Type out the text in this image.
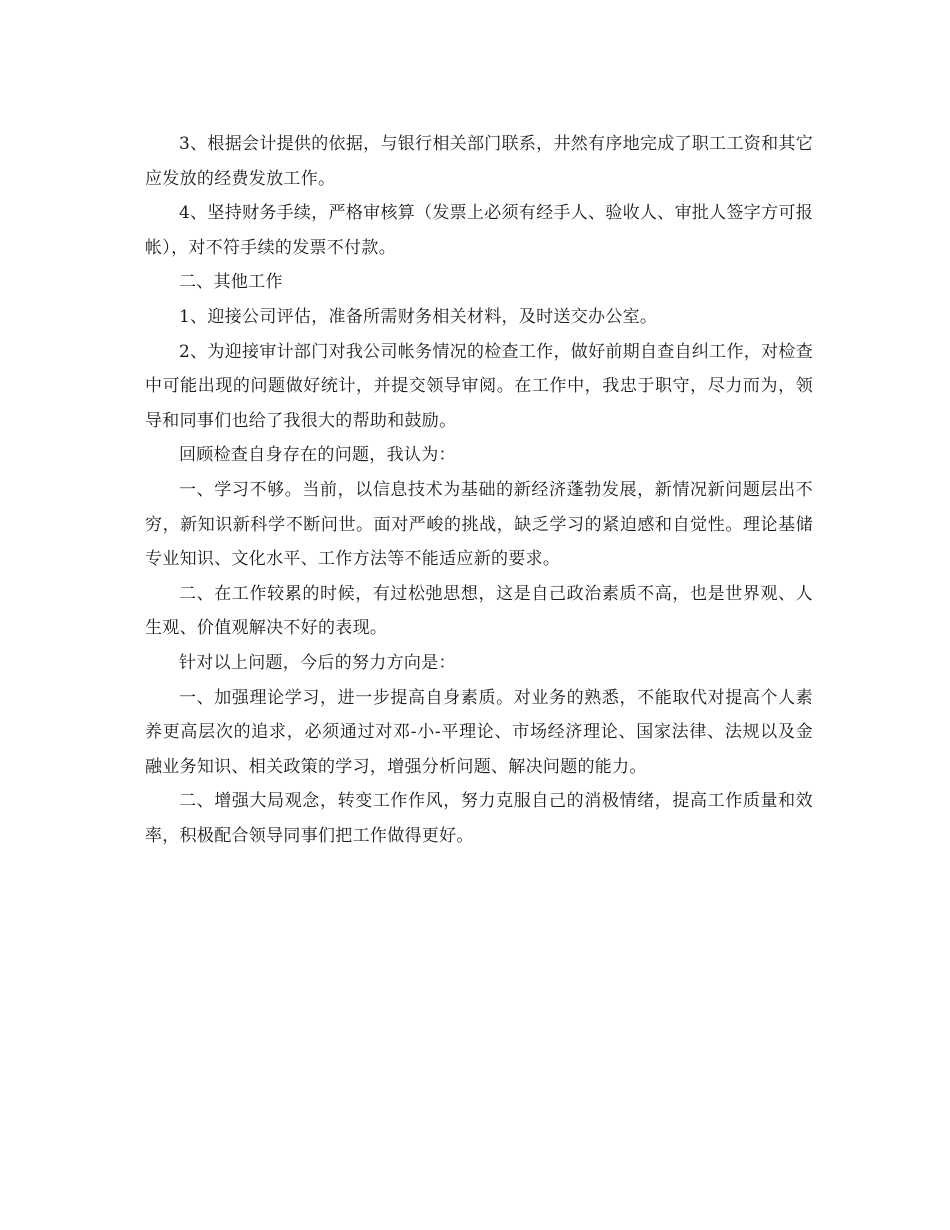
3、根据会计提供的依据，与银行相关部门联系，井然有序地完成了职工工资和其它应发放的经费发放工作。

4、坚持财务手续，严格审核算（发票上必须有经手人、验收人、审批人签字方可报帐），对不符手续的发票不付款。

二、其他工作

1、迎接公司评估，准备所需财务相关材料，及时送交办公室。

2、为迎接审计部门对我公司帐务情况的检查工作，做好前期自查自纠工作，对检查中可能出现的问题做好统计，并提交领导审阅。在工作中，我忠于职守，尽力而为，领导和同事们也给了我很大的帮助和鼓励。

回顾检查自身存在的问题，我认为：

一、学习不够。当前，以信息技术为基础的新经济蓬勃发展，新情况新问题层出不穷，新知识新科学不断问世。面对严峻的挑战，缺乏学习的紧迫感和自觉性。理论基储专业知识、文化水平、工作方法等不能适应新的要求。

二、在工作较累的时候，有过松弛思想，这是自己政治素质不高，也是世界观、人生观、价值观解决不好的表现。

针对以上问题，今后的努力方向是：

一、加强理论学习，进一步提高自身素质。对业务的熟悉，不能取代对提高个人素养更高层次的追求，必须通过对邓-小-平理论、市场经济理论、国家法律、法规以及金融业务知识、相关政策的学习，增强分析问题、解决问题的能力。

二、增强大局观念，转变工作作风，努力克服自己的消极情绪，提高工作质量和效率，积极配合领导同事们把工作做得更好。
